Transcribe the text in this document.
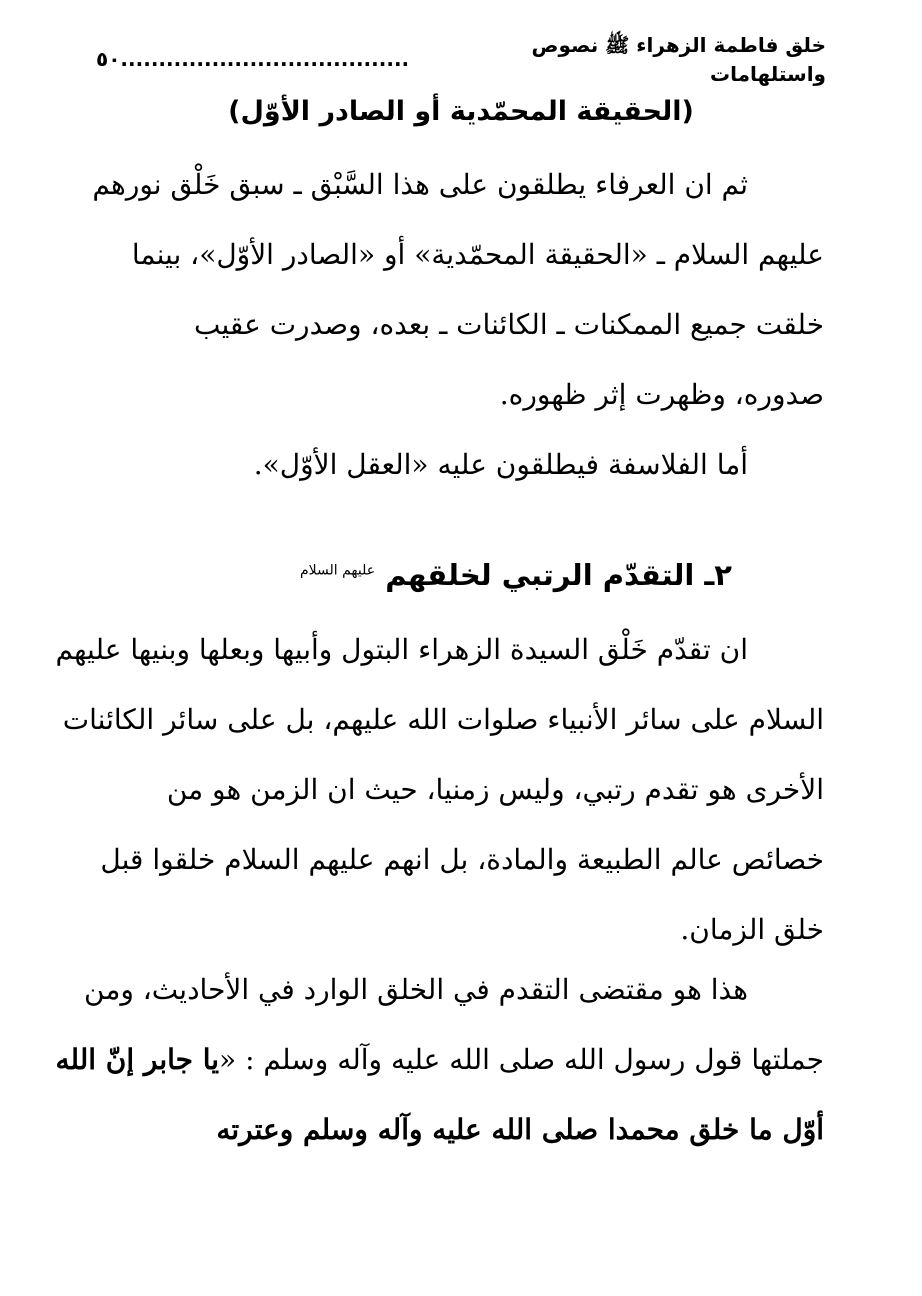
خلق فاطمة الزهراء ﷺ نصوص واستلهامات
......................................
٥٠
(الحقيقة المحمّدية أو الصادر الأوّل)
ثم ان العرفاء يطلقون على هذا السَّبْق ـ سبق خَلْق نورهم
عليهم السلام ـ «الحقيقة المحمّدية» أو «الصادر الأوّل»، بينما
خلقت جميع الممكنات ـ الكائنات ـ بعده، وصدرت عقيب
صدوره، وظهرت إثر ظهوره.
أما الفلاسفة فيطلقون عليه «العقل الأوّل».
٢ـ التقدّم الرتبي لخلقهم $^{عليهم السلام}$
ان تقدّم خَلْق السيدة الزهراء البتول وأبيها وبعلها وبنيها عليهم
السلام على سائر الأنبياء صلوات الله عليهم، بل على سائر الكائنات
الأخرى هو تقدم رتبي، وليس زمنيا، حيث ان الزمن هو من
خصائص عالم الطبيعة والمادة، بل انهم عليهم السلام خلقوا قبل
خلق الزمان.
هذا هو مقتضى التقدم في الخلق الوارد في الأحاديث، ومن
جملتها قول رسول الله صلى الله عليه وآله وسلم : «يا جابر إنّ الله
أوّل ما خلق محمدا صلى الله عليه وآله وسلم وعترته
